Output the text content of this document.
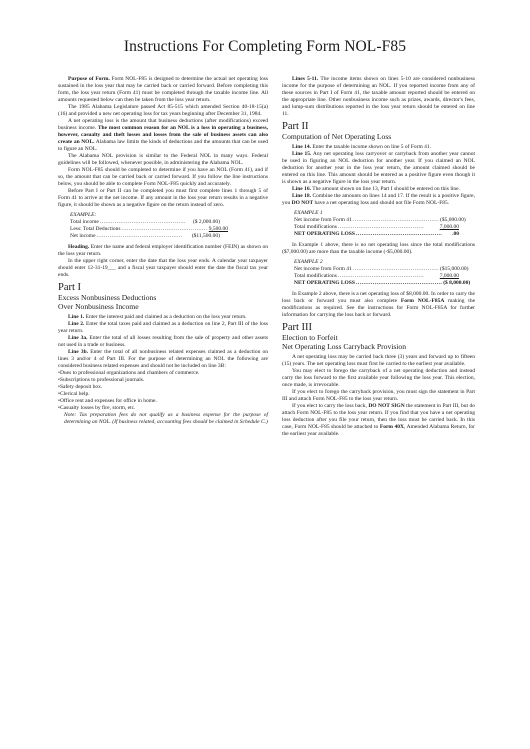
Instructions For Completing Form NOL-F85

Purpose of Form. Form NOL-F85 is designed to determine the actual net operating loss sustained in the loss year that may be carried back or carried forward. Before completing this form, the loss year return (Form 41) must be completed through the taxable income line. All amounts requested below can then be taken from the loss year return.

The 1985 Alabama Legislature passed Act 85-515 which amended Section 40-18-15(a)(16) and provided a new net operating loss for tax years beginning after December 31, 1984.

A net operating loss is the amount that business deductions (after modifications) exceed business income. The most common reason for an NOL is a loss in operating a business, however, casualty and theft losses and losses from the sale of business assets can also create an NOL. Alabama law limits the kinds of deductions and the amounts that can be used to figure an NOL.

The Alabama NOL provision is similar to the Federal NOL in many ways. Federal guidelines will be followed, whenever possible, in administering the Alabama NOL.

Form NOL-F85 should be completed to determine if you have an NOL (Form 41), and if so, the amount that can be carried back or carried forward. If you follow the line instructions below, you should be able to complete Form NOL-F85 quickly and accurately.

Before Part I or Part II can be completed you must first complete lines 1 through 5 of Form 41 to arrive at the net income. If any amount in the loss year return results in a negative figure, it should be shown as a negative figure on the return instead of zero.

EXAMPLE:
Total income ..............................................	($ 2,000.00)
Less: Total Deductions .............................................. 9,500.00
Net income ..............................................	($11,500.00)

Heading. Enter the name and federal employer identification number (FEIN) as shown on the loss year return.

In the upper right corner, enter the date that the loss year ends. A calendar year taxpayer should enter 12-31-19___ and a fiscal year taxpayer should enter the date the fiscal tax year ends.

Part I
Excess Nonbusiness Deductions
Over Nonbusiness Income

Line 1. Enter the interest paid and claimed as a deduction on the loss year return.

Line 2. Enter the total taxes paid and claimed as a deduction on line 2, Part III of the loss year return.

Line 3a. Enter the total of all losses resulting from the sale of property and other assets not used in a trade or business.

Line 3b. Enter the total of all nonbusiness related expenses claimed as a deduction on lines 3 and/or 4 of Part III. For the purpose of determining an NOL the following are considered business related expenses and should not be included on line 3B:

• Dues to professional organizations and chambers of commerce.
• Subscriptions to professional journals.
• Safety deposit box.
• Clerical help.
• Office rent and expenses for office in home.
• Casualty losses by fire, storm, etc.

Note: Tax preparation fees do not qualify as a business expense for the purpose of determining an NOL. (If business related, accounting fees should be claimed in Schedule C.)

Lines 5-11. The income items shown on lines 5-10 are considered nonbusiness income for the purpose of determining an NOL. If you reported income from any of these sources in Part I of Form 41, the taxable amount reported should be entered on the appropriate line. Other nonbusiness income such as prizes, awards, director's fees, and lump-sum distributions reported in the loss year return should be entered on line 11.

Part II
Computation of Net Operating Loss

Line 14. Enter the taxable income shown on line 5 of Form 41.

Line 15. Any net operating loss carryover or carryback from another year cannot be used in figuring an NOL deduction for another year. If you claimed an NOL deduction for another year in the loss year return, the amount claimed should be entered on this line. This amount should be entered as a positive figure even though it is shown as a negative figure in the loss year return.

Line 16. The amount shown on line 13, Part I should be entered on this line.

Line 18. Combine the amounts on lines 14 and 17. If the result is a positive figure, you DO NOT have a net operating loss and should not file Form NOL-F85.

EXAMPLE 1
Net income from Form 41 .............................................. ($5,000.00)
Total modifications ..............................................	7,000.00
NET OPERATING LOSS ..............................................	.00

In Example 1 above, there is no net operating loss since the total modifications ($7,000.00) are more than the taxable income (-$5,000.00).

EXAMPLE 2
Net income from Form 41 .............................................. ($15,000.00)
Total modifications ..............................................	7,000.00
NET OPERATING LOSS .............................................. ($ 8,000.00)

In Example 2 above, there is a net operating loss of $8,000.00. In order to carry the loss back or forward you must also complete Form NOL-F85A making the modifications as required. See the instructions for Form NOL-F85A for further information for carrying the loss back or forward.

Part III
Election to Forfeit
Net Operating Loss Carryback Provision

A net operating loss may be carried back three (3) years and forward up to fifteen (15) years. The net operating loss must first be carried to the earliest year available.

You may elect to forego the carryback of a net operating deduction and instead carry the loss forward to the first available year following the loss year. This election, once made, is irrevocable.

If you elect to forego the carryback provision, you must sign the statement in Part III and attach Form NOL-F85 to the loss year return.

If you elect to carry the loss back, DO NOT SIGN the statement in Part III, but do attach Form NOL-F85 to the loss year return. If you find that you have a net operating loss deduction after you file your return, then the loss must be carried back. In this case, Form NOL-F85 should be attached to Form 40X, Amended Alabama Return, for the earliest year available.
